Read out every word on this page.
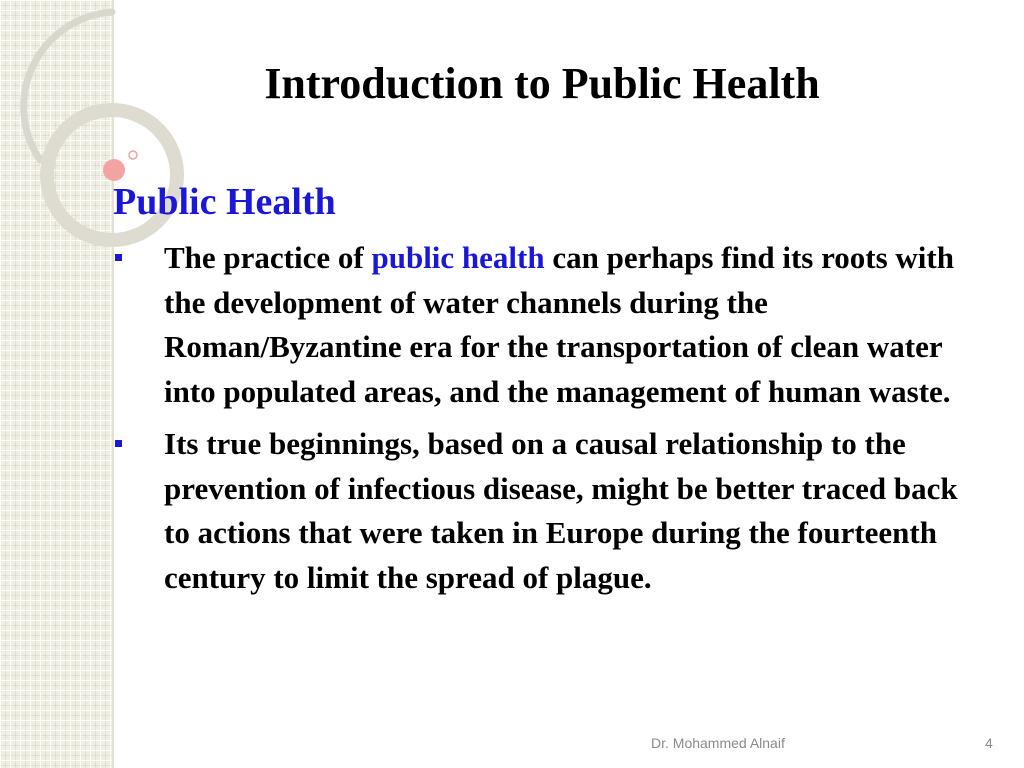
Introduction to Public Health
Public Health
The practice of public health can perhaps find its roots with the development of water channels during the Roman/Byzantine era for the transportation of clean water into populated areas, and the management of human waste.
Its true beginnings, based on a causal relationship to the prevention of infectious disease, might be better traced back to actions that were taken in Europe during the fourteenth century to limit the spread of plague.
Dr. Mohammed Alnaif	4
